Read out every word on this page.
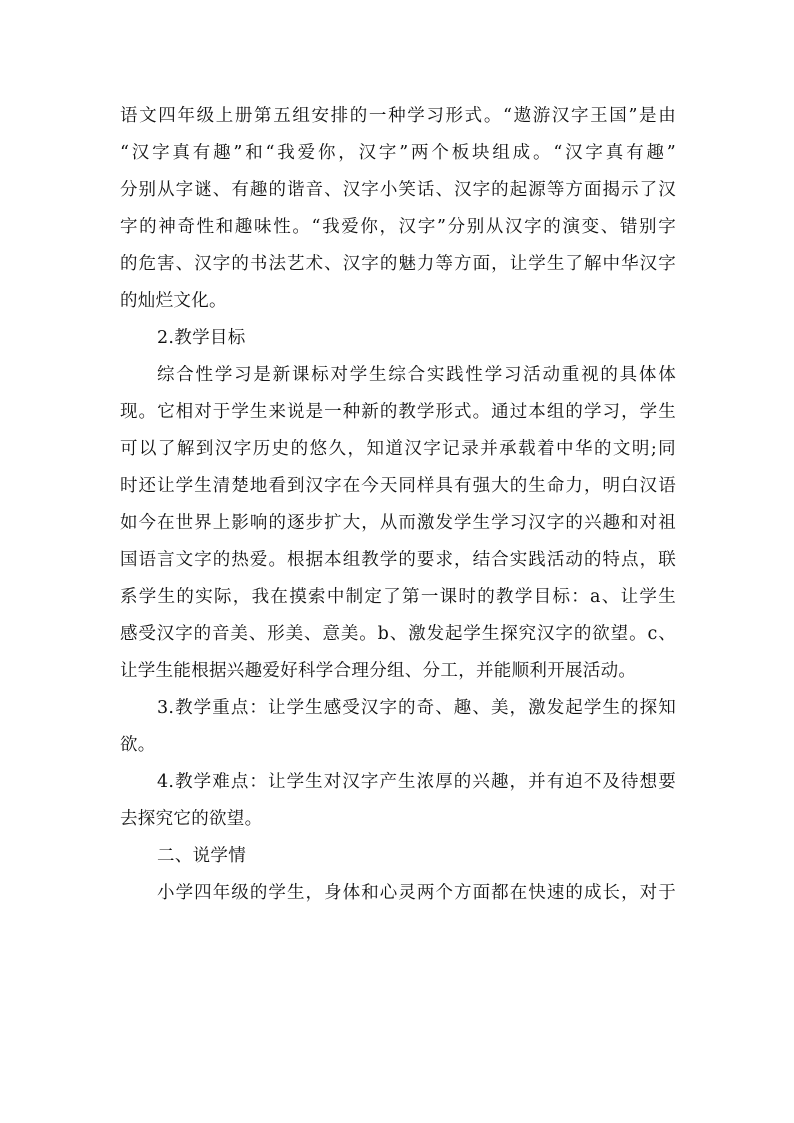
语文四年级上册第五组安排的一种学习形式。“遨游汉字王国”是由
“汉字真有趣”和“我爱你，汉字”两个板块组成。“汉字真有趣”
分别从字谜、有趣的谐音、汉字小笑话、汉字的起源等方面揭示了汉
字的神奇性和趣味性。“我爱你，汉字”分别从汉字的演变、错别字
的危害、汉字的书法艺术、汉字的魅力等方面，让学生了解中华汉字
的灿烂文化。
2.教学目标
综合性学习是新课标对学生综合实践性学习活动重视的具体体
现。它相对于学生来说是一种新的教学形式。通过本组的学习，学生
可以了解到汉字历史的悠久，知道汉字记录并承载着中华的文明;同
时还让学生清楚地看到汉字在今天同样具有强大的生命力，明白汉语
如今在世界上影响的逐步扩大，从而激发学生学习汉字的兴趣和对祖
国语言文字的热爱。根据本组教学的要求，结合实践活动的特点，联
系学生的实际，我在摸索中制定了第一课时的教学目标：a、让学生
感受汉字的音美、形美、意美。b、激发起学生探究汉字的欲望。c、
让学生能根据兴趣爱好科学合理分组、分工，并能顺利开展活动。
3.教学重点：让学生感受汉字的奇、趣、美，激发起学生的探知
欲。
4.教学难点：让学生对汉字产生浓厚的兴趣，并有迫不及待想要
去探究它的欲望。
二、说学情
小学四年级的学生，身体和心灵两个方面都在快速的成长，对于
